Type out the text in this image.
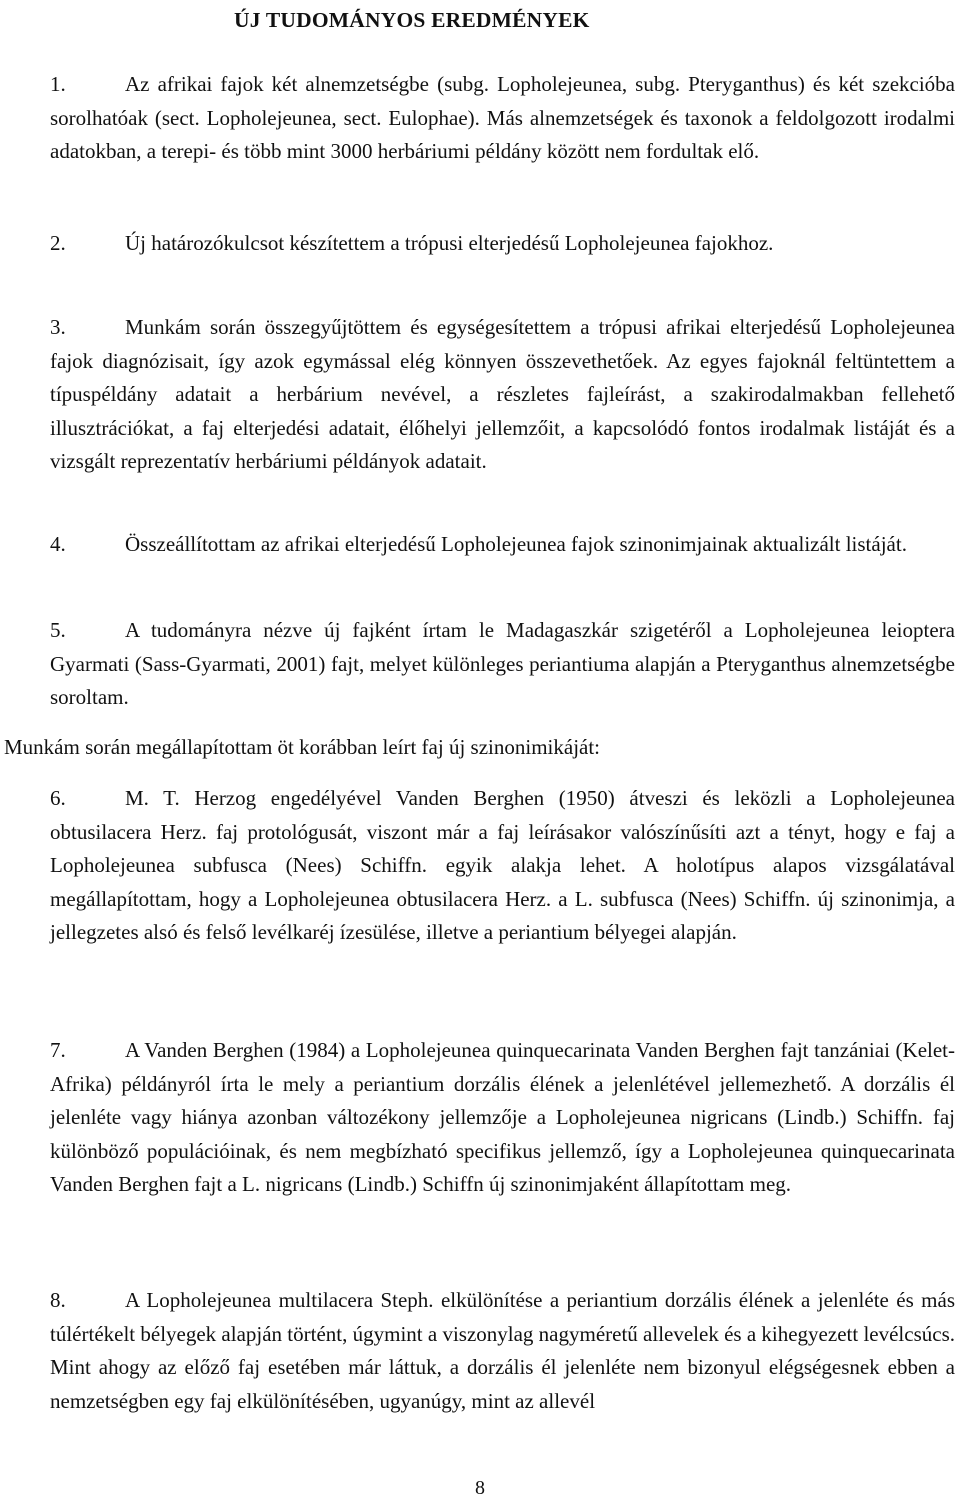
ÚJ TUDOMÁNYOS EREDMÉNYEK

1.	Az afrikai fajok két alnemzetségbe (subg. Lopholejeunea, subg. Pteryganthus) és két szekcióba sorolhatóak (sect. Lopholejeunea, sect. Eulophae). Más alnemzetségek és taxonok a feldolgozott irodalmi adatokban, a terepi- és több mint 3000 herbáriumi példány között nem fordultak elő.

2.	Új határozókulcsot készítettem a trópusi elterjedésű Lopholejeunea fajokhoz.

3.	Munkám során összegyűjtöttem és egységesítettem a trópusi afrikai elterjedésű Lopholejeunea fajok diagnózisait, így azok egymással elég könnyen összevethetőek. Az egyes fajoknál feltüntettem a típuspéldány adatait a herbárium nevével, a részletes fajleírást, a szakirodalmakban fellehető illusztrációkat, a faj elterjedési adatait, élőhelyi jellemzőit, a kapcsolódó fontos irodalmak listáját és a vizsgált reprezentatív herbáriumi példányok adatait.

4.	Összeállítottam az afrikai elterjedésű Lopholejeunea fajok szinonimjainak aktualizált listáját.

5.	A tudományra nézve új fajként írtam le Madagaszkár szigetéről a Lopholejeunea leioptera Gyarmati (Sass-Gyarmati, 2001) fajt, melyet különleges periantiuma alapján a Pteryganthus alnemzetségbe soroltam.

Munkám során megállapítottam öt korábban leírt faj új szinonimikáját:

6.	M. T. Herzog engedélyével Vanden Berghen (1950) átveszi és leközli a Lopholejeunea obtusilacera Herz. faj protológusát, viszont már a faj leírásakor valószínűsíti azt a tényt, hogy e faj a Lopholejeunea subfusca (Nees) Schiffn. egyik alakja lehet. A holotípus alapos vizsgálatával megállapítottam, hogy a Lopholejeunea obtusilacera Herz. a L. subfusca (Nees) Schiffn. új szinonimja, a jellegzetes alsó és felső levélkaréj ízesülése, illetve a periantium bélyegei alapján.

7.	A Vanden Berghen (1984) a Lopholejeunea quinquecarinata Vanden Berghen fajt tanzániai (Kelet-Afrika) példányról írta le mely a periantium dorzális élének a jelenlétével jellemezhető. A dorzális él jelenléte vagy hiánya azonban változékony jellemzője a Lopholejeunea nigricans (Lindb.) Schiffn. faj különböző populációinak, és nem megbízható specifikus jellemző, így a Lopholejeunea quinquecarinata Vanden Berghen fajt a L. nigricans (Lindb.) Schiffn új szinonimjaként állapítottam meg.

8.	A Lopholejeunea multilacera Steph. elkülönítése a periantium dorzális élének a jelenléte és más túlértékelt bélyegek alapján történt, úgymint a viszonylag nagyméretű allevelek és a kihegyezett levélcsúcs. Mint ahogy az előző faj esetében már láttuk, a dorzális él jelenléte nem bizonyul elégségesnek ebben a nemzetségben egy faj elkülönítésében, ugyanúgy, mint az allevél

8
